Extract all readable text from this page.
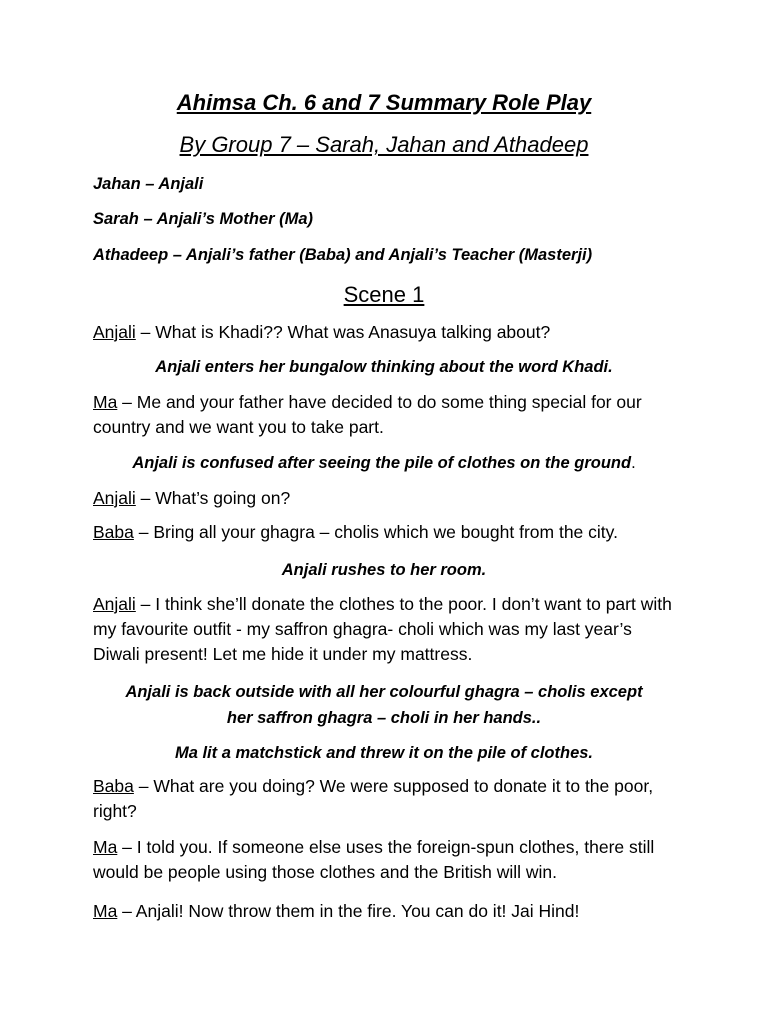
Ahimsa Ch. 6 and 7 Summary Role Play
By Group 7 – Sarah, Jahan and Athadeep
Jahan – Anjali
Sarah – Anjali’s Mother (Ma)
Athadeep – Anjali’s father (Baba) and Anjali’s Teacher (Masterji)
Scene 1
Anjali – What is Khadi?? What was Anasuya talking about?
Anjali enters her bungalow thinking about the word Khadi.
Ma – Me and your father have decided to do some thing special for our country and we want you to take part.
Anjali is confused after seeing the pile of clothes on the ground.
Anjali – What’s going on?
Baba – Bring all your ghagra – cholis which we bought from the city.
Anjali rushes to her room.
Anjali – I think she’ll donate the clothes to the poor. I don’t want to part with my favourite outfit - my saffron ghagra- choli which was my last year’s Diwali present! Let me hide it under my mattress.
Anjali is back outside with all her colourful ghagra – cholis except
her saffron ghagra – choli in her hands..
Ma lit a matchstick and threw it on the pile of clothes.
Baba – What are you doing? We were supposed to donate it to the poor, right?
Ma – I told you. If someone else uses the foreign-spun clothes, there still would be people using those clothes and the British will win.
Ma – Anjali! Now throw them in the fire. You can do it! Jai Hind!
